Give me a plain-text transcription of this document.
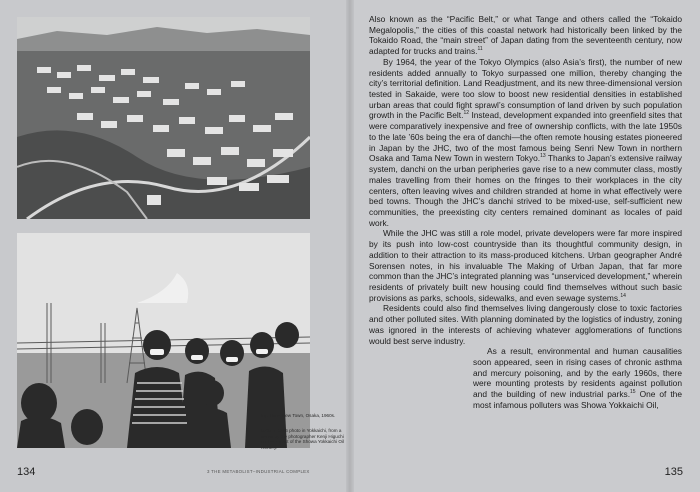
top: Senri New Town, Osaka, 1960s.
bottom: 1966 photo in Yokkaichi, from a series by the photographer Kenji Higuchi on the impact of the Showa Yokkaichi Oil refinery.
134	3 THE METABOLIST–INDUSTRIAL COMPLEX	135

Also known as the “Pacific Belt,” or what Tange and others called the “Tokaido Megalopolis,” the cities of this coastal network had historically been linked by the Tokaido Road, the “main street” of Japan dating from the seventeenth century, now adapted for trucks and trains.$^{11}$

By 1964, the year of the Tokyo Olympics (also Asia’s first), the number of new residents added annually to Tokyo surpassed one million, thereby changing the city’s territorial definition. Land Readjustment, and its new three-dimensional version tested in Sakaide, were too slow to boost new residential densities in established urban areas that could fight sprawl’s consumption of land driven by such population growth in the Pacific Belt.$^{12}$ Instead, development expanded into greenfield sites that were comparatively inexpensive and free of ownership conflicts, with the late 1950s to the late ’60s being the era of danchi—the often remote housing estates pioneered in Japan by the JHC, two of the most famous being Senri New Town in northern Osaka and Tama New Town in western Tokyo.$^{13}$ Thanks to Japan’s extensive railway system, danchi on the urban peripheries gave rise to a new commuter class, mostly males travelling from their homes on the fringes to their workplaces in the city centers, often leaving wives and children stranded at home in what effectively were bed towns. Though the JHC’s danchi strived to be mixed-use, self-sufficient new communities, the preexisting city centers remained dominant as locales of paid work.

While the JHC was still a role model, private developers were far more inspired by its push into low-cost countryside than its thoughtful community design, in addition to their attraction to its mass-produced kitchens. Urban geographer André Sorensen notes, in his invaluable The Making of Urban Japan, that far more common than the JHC’s integrated planning was “unserviced development,” wherein residents of privately built new housing could find themselves without such basic provisions as parks, schools, sidewalks, and even sewage systems.$^{14}$

Residents could also find themselves living dangerously close to toxic factories and other polluted sites. With planning dominated by the logistics of industry, zoning was ignored in the interests of achieving whatever agglomerations of functions would best serve industry.

As a result, environmental and human causalities soon appeared, seen in rising cases of chronic asthma and mercury poisoning, and by the early 1960s, there were mounting protests by residents against pollution and the building of new industrial parks.$^{15}$ One of the most infamous polluters was Showa Yokkaichi Oil,
